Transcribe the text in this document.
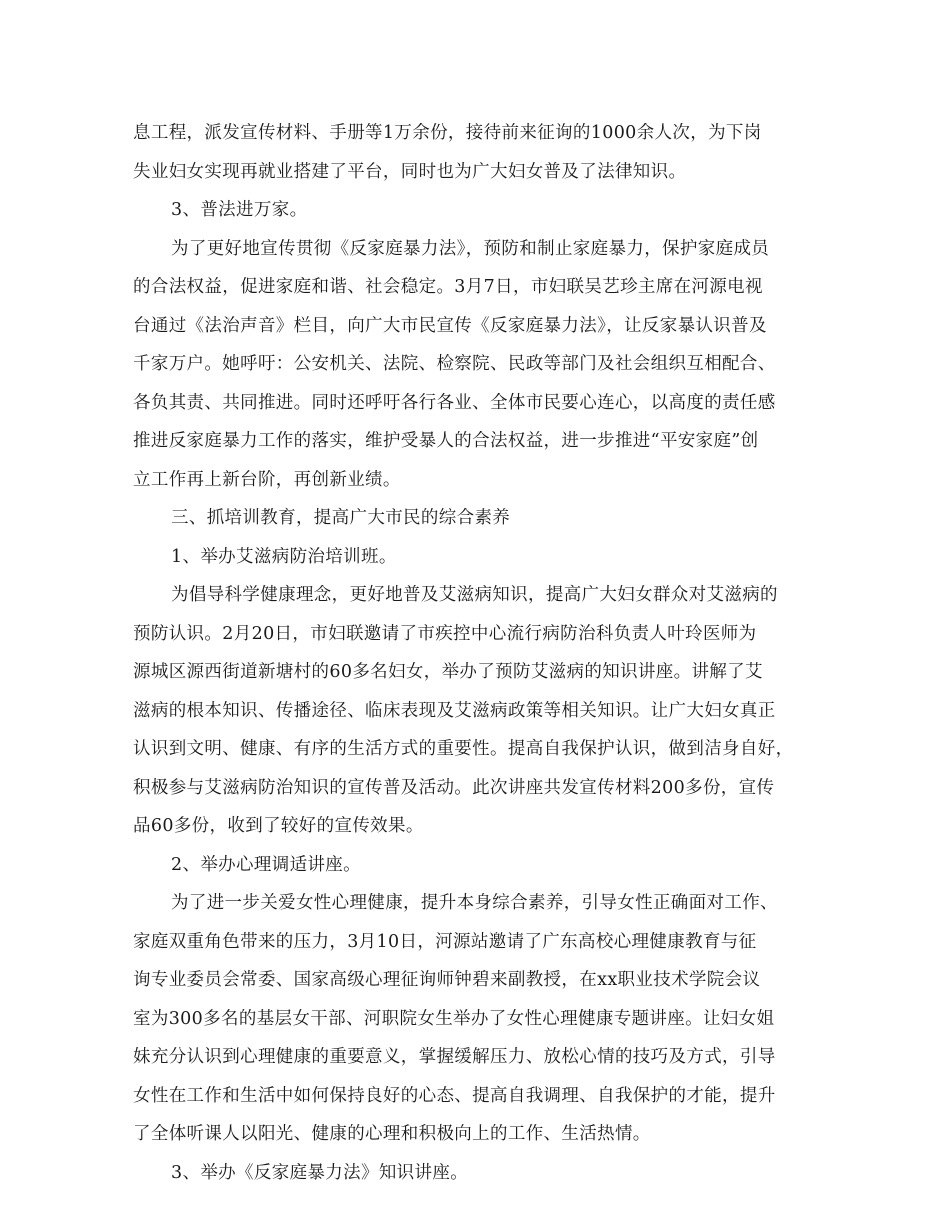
息工程，派发宣传材料、手册等1万余份，接待前来征询的1000余人次，为下岗
失业妇女实现再就业搭建了平台，同时也为广大妇女普及了法律知识。
3、普法进万家。
为了更好地宣传贯彻《反家庭暴力法》，预防和制止家庭暴力，保护家庭成员
的合法权益，促进家庭和谐、社会稳定。3月7日，市妇联吴艺珍主席在河源电视
台通过《法治声音》栏目，向广大市民宣传《反家庭暴力法》，让反家暴认识普及
千家万户。她呼吁：公安机关、法院、检察院、民政等部门及社会组织互相配合、
各负其责、共同推进。同时还呼吁各行各业、全体市民要心连心，以高度的责任感
推进反家庭暴力工作的落实，维护受暴人的合法权益，进一步推进“平安家庭”创
立工作再上新台阶，再创新业绩。
三、抓培训教育，提高广大市民的综合素养
1、举办艾滋病防治培训班。
为倡导科学健康理念，更好地普及艾滋病知识，提高广大妇女群众对艾滋病的
预防认识。2月20日，市妇联邀请了市疾控中心流行病防治科负责人叶玲医师为
源城区源西街道新塘村的60多名妇女，举办了预防艾滋病的知识讲座。讲解了艾
滋病的根本知识、传播途径、临床表现及艾滋病政策等相关知识。让广大妇女真正
认识到文明、健康、有序的生活方式的重要性。提高自我保护认识，做到洁身自好，
积极参与艾滋病防治知识的宣传普及活动。此次讲座共发宣传材料200多份，宣传
品60多份，收到了较好的宣传效果。
2、举办心理调适讲座。
为了进一步关爱女性心理健康，提升本身综合素养，引导女性正确面对工作、
家庭双重角色带来的压力，3月10日，河源站邀请了广东高校心理健康教育与征
询专业委员会常委、国家高级心理征询师钟碧来副教授，在xx职业技术学院会议
室为300多名的基层女干部、河职院女生举办了女性心理健康专题讲座。让妇女姐
妹充分认识到心理健康的重要意义，掌握缓解压力、放松心情的技巧及方式，引导
女性在工作和生活中如何保持良好的心态、提高自我调理、自我保护的才能，提升
了全体听课人以阳光、健康的心理和积极向上的工作、生活热情。
3、举办《反家庭暴力法》知识讲座。
